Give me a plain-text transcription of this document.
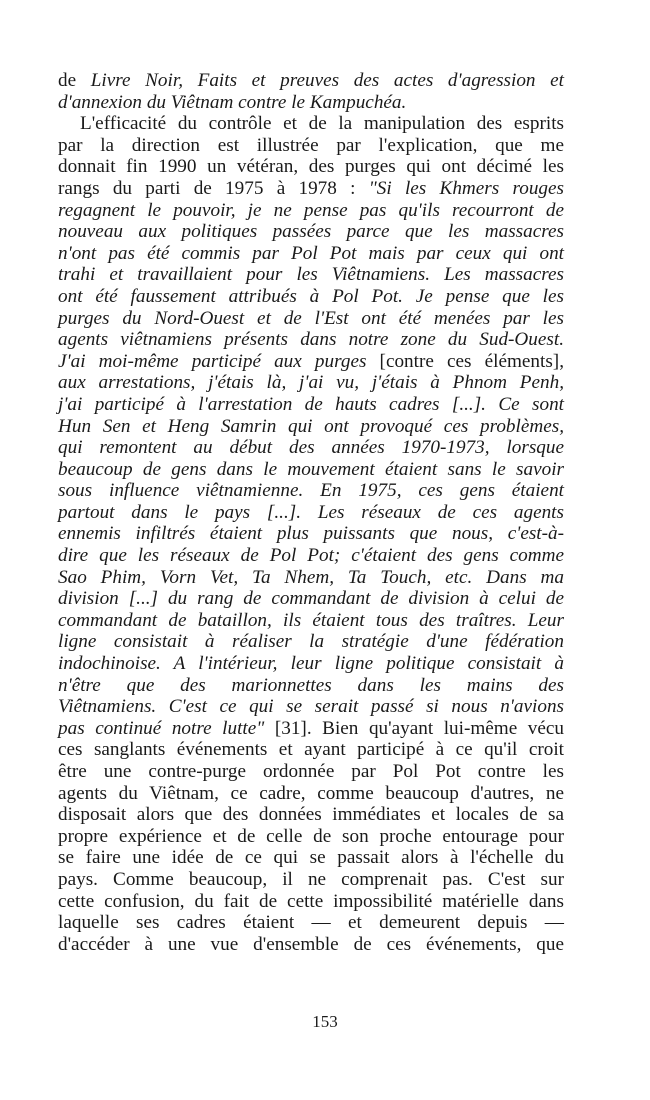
de Livre Noir, Faits et preuves des actes d'agression et
d'annexion du Viêtnam contre le Kampuchéa.
L'efficacité du contrôle et de la manipulation des esprits
par la direction est illustrée par l'explication, que me
donnait fin 1990 un vétéran, des purges qui ont décimé les
rangs du parti de 1975 à 1978 : "Si les Khmers rouges
regagnent le pouvoir, je ne pense pas qu'ils recourront de
nouveau aux politiques passées parce que les massacres
n'ont pas été commis par Pol Pot mais par ceux qui ont
trahi et travaillaient pour les Viêtnamiens. Les massacres
ont été faussement attribués à Pol Pot. Je pense que les
purges du Nord-Ouest et de l'Est ont été menées par les
agents viêtnamiens présents dans notre zone du Sud-Ouest.
J'ai moi-même participé aux purges [contre ces éléments],
aux arrestations, j'étais là, j'ai vu, j'étais à Phnom Penh,
j'ai participé à l'arrestation de hauts cadres [...]. Ce sont
Hun Sen et Heng Samrin qui ont provoqué ces problèmes,
qui remontent au début des années 1970-1973, lorsque
beaucoup de gens dans le mouvement étaient sans le savoir
sous influence viêtnamienne. En 1975, ces gens étaient
partout dans le pays [...]. Les réseaux de ces agents
ennemis infiltrés étaient plus puissants que nous, c'est-à-
dire que les réseaux de Pol Pot; c'étaient des gens comme
Sao Phim, Vorn Vet, Ta Nhem, Ta Touch, etc. Dans ma
division [...] du rang de commandant de division à celui de
commandant de bataillon, ils étaient tous des traîtres. Leur
ligne consistait à réaliser la stratégie d'une fédération
indochinoise. A l'intérieur, leur ligne politique consistait à
n'être que des marionnettes dans les mains des
Viêtnamiens. C'est ce qui se serait passé si nous n'avions
pas continué notre lutte" [31]. Bien qu'ayant lui-même vécu
ces sanglants événements et ayant participé à ce qu'il croit
être une contre-purge ordonnée par Pol Pot contre les
agents du Viêtnam, ce cadre, comme beaucoup d'autres, ne
disposait alors que des données immédiates et locales de sa
propre expérience et de celle de son proche entourage pour
se faire une idée de ce qui se passait alors à l'échelle du
pays. Comme beaucoup, il ne comprenait pas. C'est sur
cette confusion, du fait de cette impossibilité matérielle dans
laquelle ses cadres étaient — et demeurent depuis —
d'accéder à une vue d'ensemble de ces événements, que
153
